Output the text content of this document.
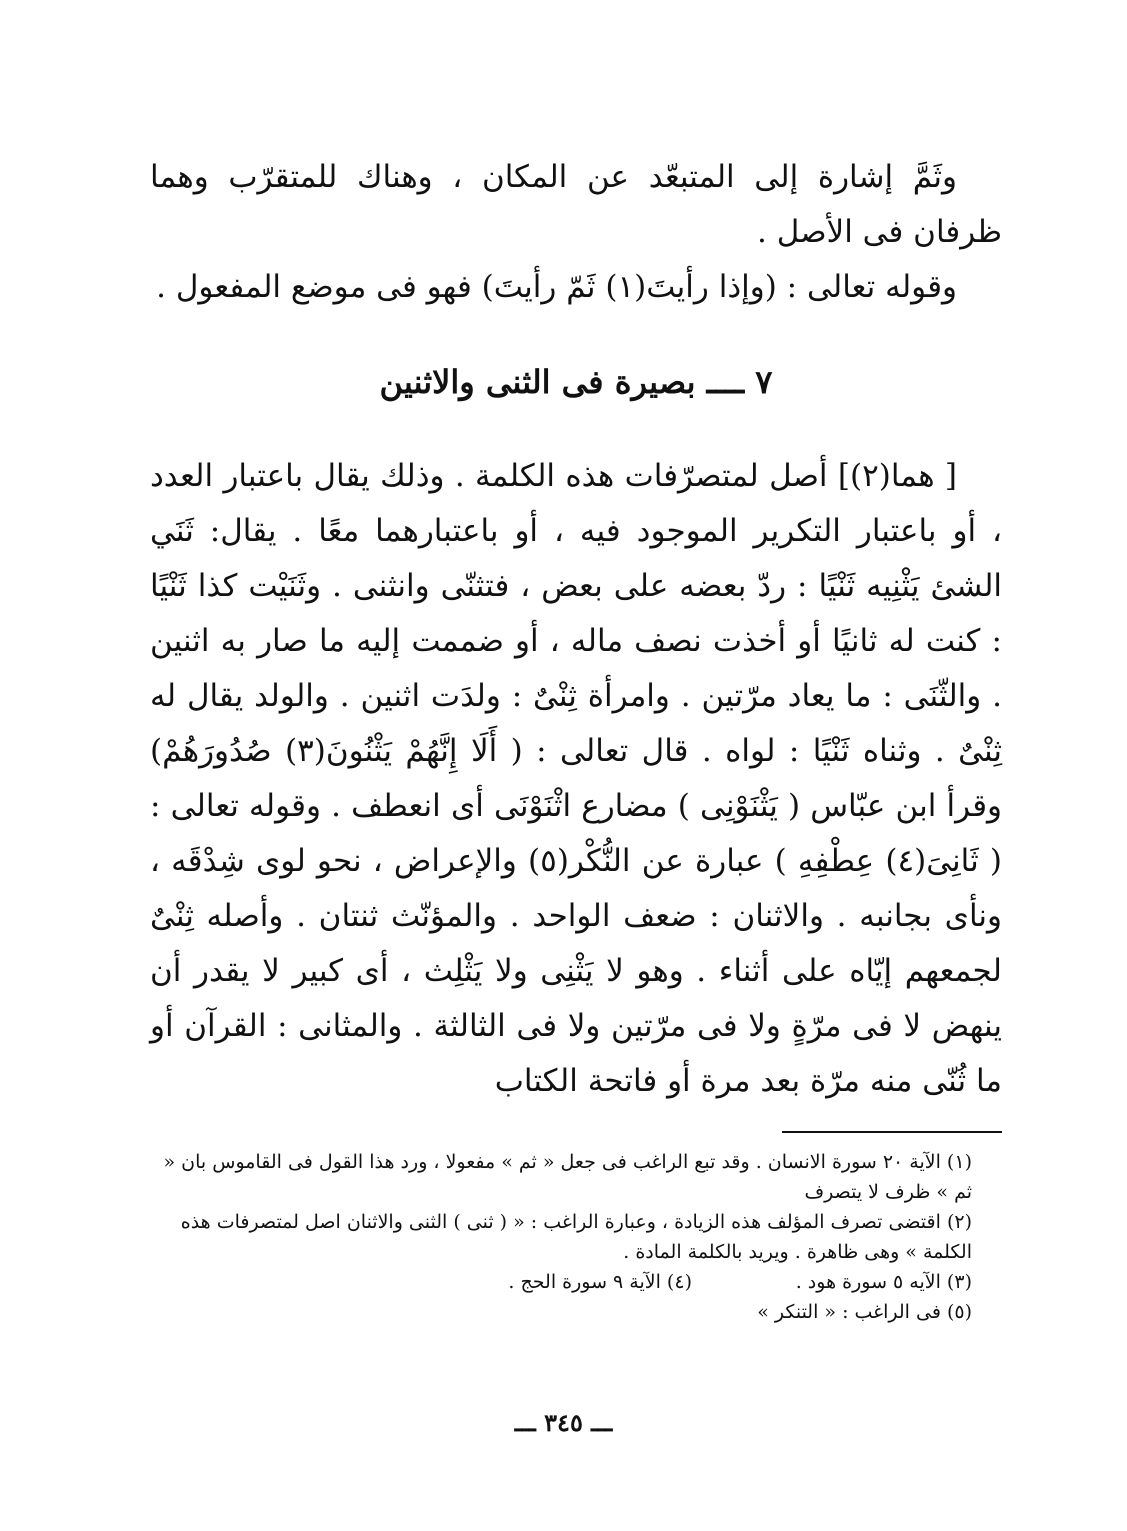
وثَمَّ إشارة إلى المتبعّد عن المكان ، وهناك للمتقرّب وهما ظرفان فى الأصل .

وقوله تعالى : (وإذا رأيتَ(١) ثَمّ رأيتَ) فهو فى موضع المفعول .

٧ ــــ بصيرة فى الثنى والاثنين

[ هما(٢)] أصل لمتصرّفات هذه الكلمة . وذلك يقال باعتبار العدد ، أو باعتبار التكرير الموجود فيه ، أو باعتبارهما معًا . يقال: ثَنَي الشئ يَثْنِيه ثَنْيًا : ردّ بعضه على بعض ، فتثنّى وانثنى . وثَنَيْت كذا ثَنْيًا : كنت له ثانيًا أو أخذت نصف ماله ، أو ضممت إليه ما صار به اثنين . والثّنَى : ما يعاد مرّتين . وامرأة ثِنْىٌ : ولدَت اثنين . والولد يقال له ثِنْىٌ . وثناه ثَنْيًا : لواه . قال تعالى : ( أَلَا إِنَّهُمْ يَثْنُونَ(٣) صُدُورَهُمْ) وقرأ ابن عبّاس ( يَثْنَوْنِى ) مضارع اثْنَوْنَى أى انعطف . وقوله تعالى : ( ثَانِىَ(٤) عِطْفِهِ ) عبارة عن النُّكْر(٥) والإعراض ، نحو لوى شِدْقَه ، ونأى بجانبه . والاثنان : ضعف الواحد . والمؤنّث ثنتان . وأصله ثِنْىٌ لجمعهم إيّاه على أثناء . وهو لا يَثْنِى ولا يَثْلِث ، أى كبير لا يقدر أن ينهض لا فى مرّةٍ ولا فى مرّتين ولا فى الثالثة . والمثانى : القرآن أو ما ثُنّى منه مرّة بعد مرة أو فاتحة الكتاب

(١) الآية ٢٠ سورة الانسان . وقد تبع الراغب فى جعل « ثم » مفعولا ، ورد هذا القول فى القاموس بان « ثم » ظرف لا يتصرف
(٢) اقتضى تصرف المؤلف هذه الزيادة ، وعبارة الراغب : « ( ثنى ) الثنى والاثنان اصل لمتصرفات هذه الكلمة » وهى ظاهرة . ويريد بالكلمة المادة .
(٣) الآيه ٥ سورة هود .
(٤) الآية ٩ سورة الحج .
(٥) فى الراغب : « التنكر »
ـــ ٣٤٥ ـــ
